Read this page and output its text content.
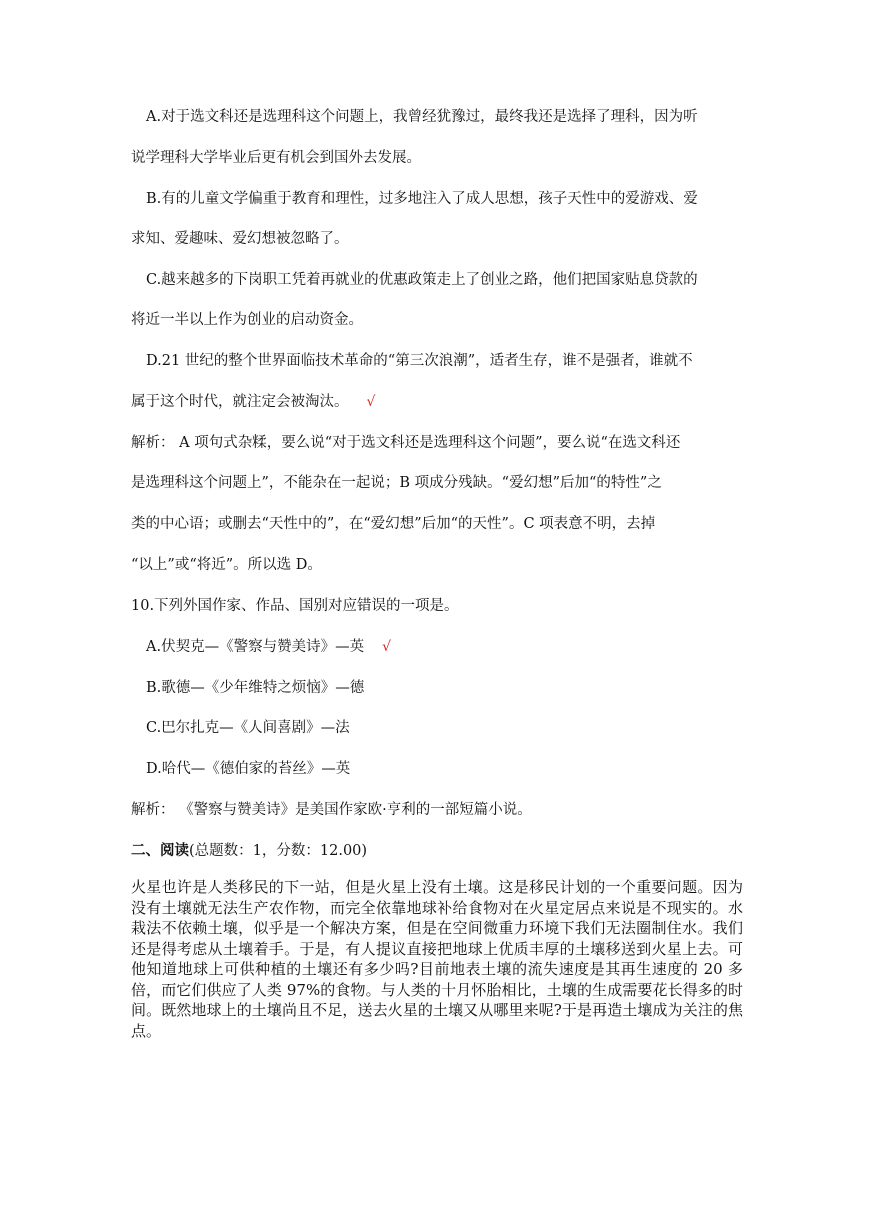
A.对于选文科还是选理科这个问题上，我曾经犹豫过，最终我还是选择了理科，因为听
说学理科大学毕业后更有机会到国外去发展。
B.有的儿童文学偏重于教育和理性，过多地注入了成人思想，孩子天性中的爱游戏、爱
求知、爱趣味、爱幻想被忽略了。
C.越来越多的下岗职工凭着再就业的优惠政策走上了创业之路，他们把国家贴息贷款的
将近一半以上作为创业的启动资金。
D.21 世纪的整个世界面临技术革命的“第三次浪潮”，适者生存，谁不是强者，谁就不
属于这个时代，就注定会被淘汰。 √
解析： A 项句式杂糅，要么说“对于选文科还是选理科这个问题”，要么说“在选文科还
是选理科这个问题上”，不能杂在一起说；B 项成分残缺。“爱幻想”后加“的特性”之
类的中心语；或删去“天性中的”，在“爱幻想”后加“的天性”。C 项表意不明，去掉
“以上”或“将近”。所以选 D。
10.下列外国作家、作品、国别对应错误的一项是。
A.伏契克—《警察与赞美诗》—英 √
B.歌德—《少年维特之烦恼》—德
C.巴尔扎克—《人间喜剧》—法
D.哈代—《德伯家的苔丝》—英
解析： 《警察与赞美诗》是美国作家欧·亨利的一部短篇小说。
二、阅读(总题数：1，分数：12.00)
火星也许是人类移民的下一站，但是火星上没有土壤。这是移民计划的一个重要问题。因为没有土壤就无法生产农作物，而完全依靠地球补给食物对在火星定居点来说是不现实的。水栽法不依赖土壤，似乎是一个解决方案，但是在空间微重力环境下我们无法圈制住水。我们还是得考虑从土壤着手。于是，有人提议直接把地球上优质丰厚的土壤移送到火星上去。可他知道地球上可供种植的土壤还有多少吗?目前地表土壤的流失速度是其再生速度的 20 多倍，而它们供应了人类 97%的食物。与人类的十月怀胎相比，土壤的生成需要花长得多的时间。既然地球上的土壤尚且不足，送去火星的土壤又从哪里来呢?于是再造土壤成为关注的焦点。
